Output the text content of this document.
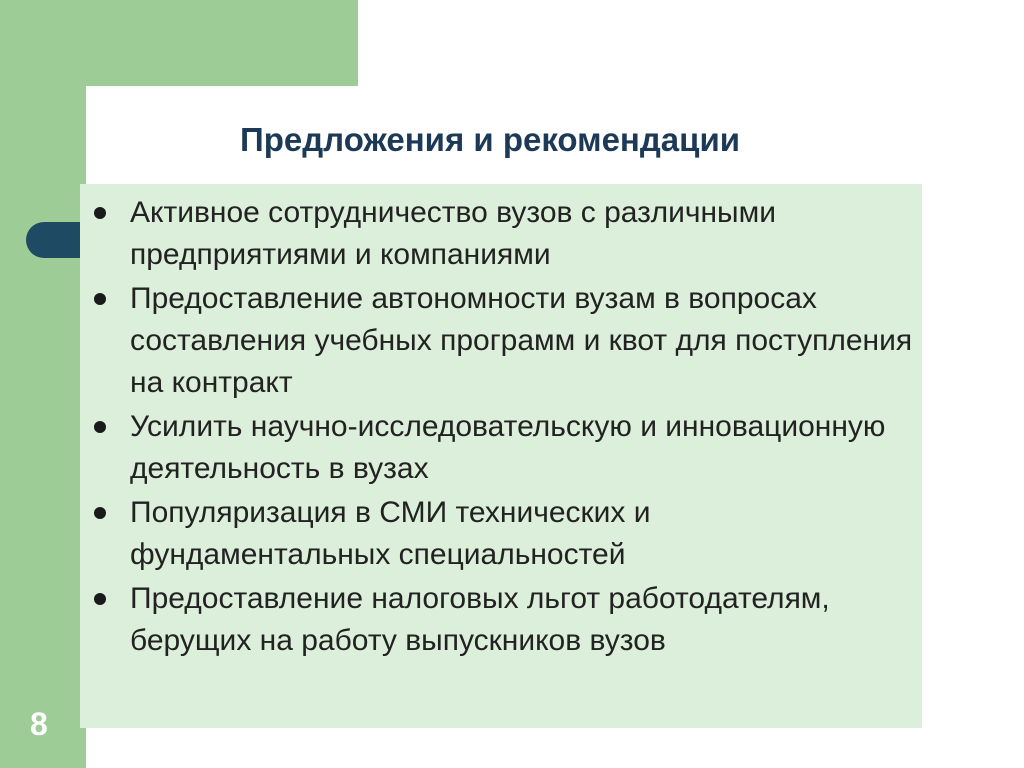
Предложения и рекомендации
Активное сотрудничество вузов с различными предприятиями и компаниями
Предоставление автономности вузам в вопросах составления учебных программ и квот для поступления на контракт
Усилить научно-исследовательскую и инновационную деятельность в вузах
Популяризация в СМИ технических и фундаментальных специальностей
Предоставление налоговых льгот работодателям, берущих на работу выпускников вузов
8
